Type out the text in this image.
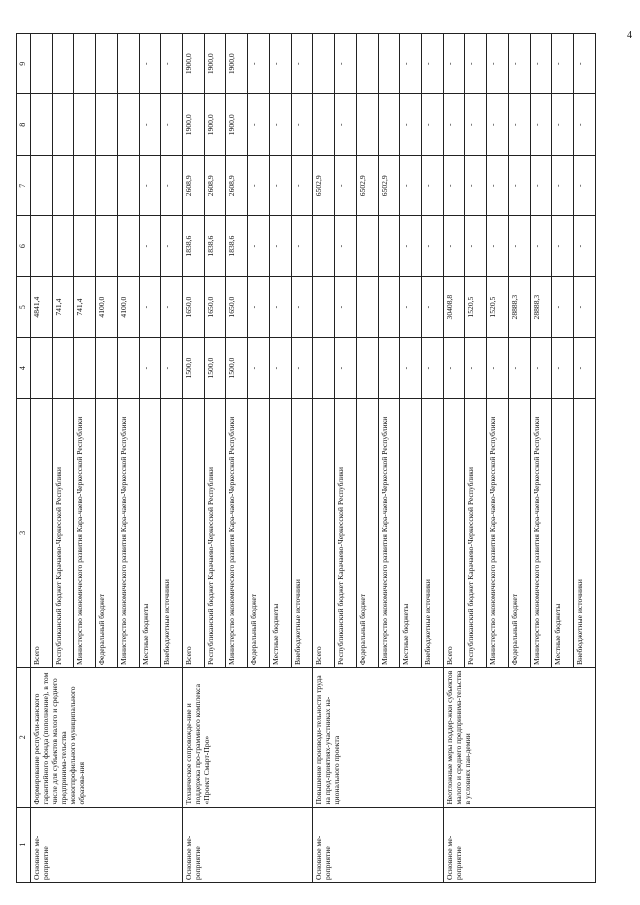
4
1	2	3	4	5	6	7	8	9
Основное ме-роприятие	Формирование республи-канского гарантийного фонда (пополнение), в том числе для субъектов малого и среднего предпринима-тельства моногпрофильного муниципального образова-ния	Всего		4841,4				
		Республиканский бюджет Карачаево-Черкесской Республики		741,4				
		Министерство экономического развития Кара-чаево-Черкесской Республики		741,4				
		Федеральный бюджет		4100,0				
		Министерство экономического развития Кара-чаево-Черкесской Республики		4100,0				
		Местные бюджеты	-	-	-	-	-	-
		Внебюджетные источники	-	-	-	-	-	-
Основное ме-роприятие	Техническое сопровожде-ние и поддержка про-граммного комплекса «Проект Смарт-Про»	Всего	1500,0	1650,0	1838,6	2608,9	1900,0	1900,0
		Республиканский бюджет Карачаево-Черкесской Республики	1500,0	1650,0	1838,6	2608,9	1900,0	1900,0
		Министерство экономического развития Кара-чаево-Черкесской Республики	1500,0	1650,0	1838,6	2608,9	1900,0	1900,0
		Федеральный бюджет	-	-	-	-	-	-
		Местные бюджеты	-	-	-	-	-	-
		Внебюджетные источники	-	-	-	-	-	-
Основное ме-роприятие	Повышение производи-тельности труда на пред-приятиях-участниках на-ционального проекта	Всего				6502,9		
		Республиканский бюджет Карачаево-Черкесской Республики	-	-	-	-	-	-
		Федеральный бюджет				6502,9		
		Министерство экономического развития Кара-чаево-Черкесской Республики				6502,9		
		Местные бюджеты	-	-	-	-	-	-
		Внебюджетные источники	-	-	-	-	-	-
Основное ме-роприятие	Неотложные меры поддер-жки субъектов малого и среднего предпринима-тельства в условиях пан-демии	Всего	-	30408,8	-	-	-	-
		Республиканский бюджет Карачаево-Черкесской Республики	-	1520,5	-	-	-	-
		Министерство экономического развития Кара-чаево-Черкесской Республики	-	1520,5	-	-	-	-
		Федеральный бюджет	-	28888,3	-	-	-	-
		Министерство экономического развития Кара-чаево-Черкесской Республики	-	28888,3	-	-	-	-
		Местные бюджеты	-	-	-	-	-	-
		Внебюджетные источники	-	-	-	-	-	-
